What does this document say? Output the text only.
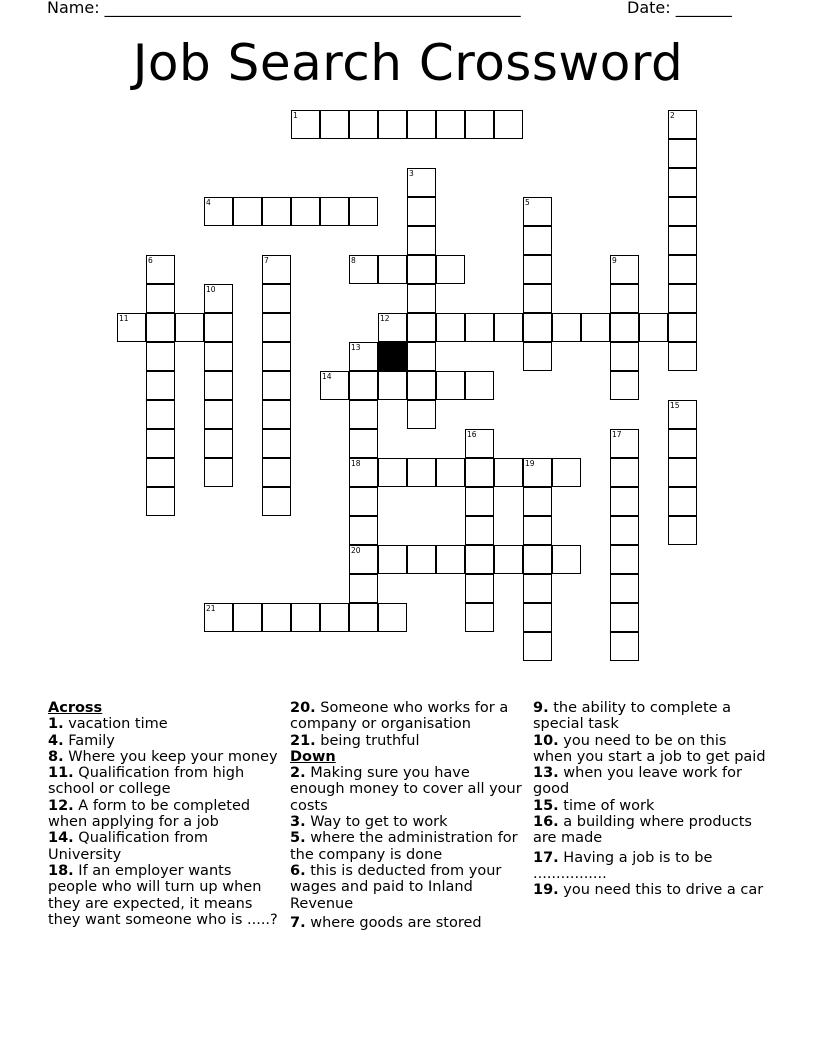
Name: ____________________________________________________	Date: _______
Job Search Crossword
1	2
3
4	5
6	7	8	9
10
11	12
13
18
20
14
15
16	17
19
21

Across

1. vacation time

4. Family

8. Where you keep your money

11. Qualification from high school or college

12. A form to be completed when applying for a job

14. Qualification from University

18. If an employer wants people who will turn up when they are expected, it means they want someone who is .....?

20. Someone who works for a company or organisation

21. being truthful

Down

2. Making sure you have enough money to cover all your costs

3. Way to get to work

5. where the administration for the company is done

6. this is deducted from your wages and paid to Inland Revenue

7. where goods are stored

9. the ability to complete a special task

10. you need to be on this when you start a job to get paid

13. when you leave work for good

15. time of work

16. a building where products are made

17. Having a job is to be ................

19. you need this to drive a car
